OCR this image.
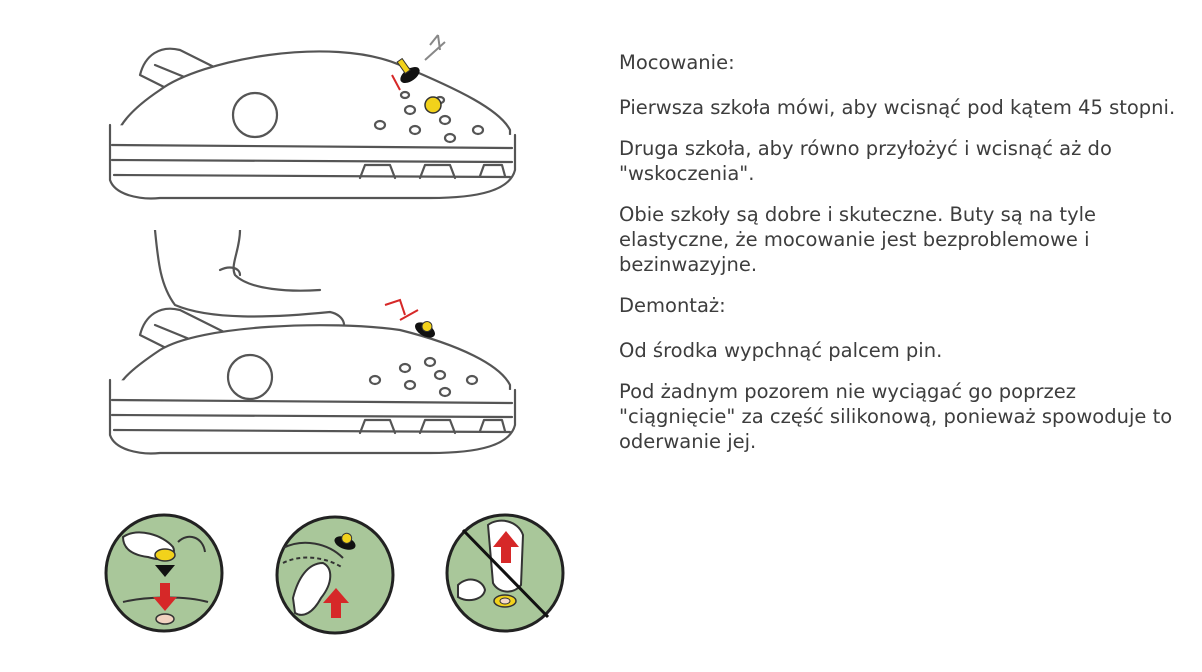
Mocowanie:

Pierwsza szkoła mówi, aby wcisnąć pod kątem 45 stopni.

Druga szkoła, aby równo przyłożyć i wcisnąć aż do "wskoczenia".

Obie szkoły są dobre i skuteczne. Buty są na tyle elastyczne, że mocowanie jest bezproblemowe i bezinwazyjne.

Demontaż:

Od środka wypchnąć palcem pin.

Pod żadnym pozorem nie wyciągać go poprzez "ciągnięcie" za część silikonową, ponieważ spowoduje to oderwanie jej.
